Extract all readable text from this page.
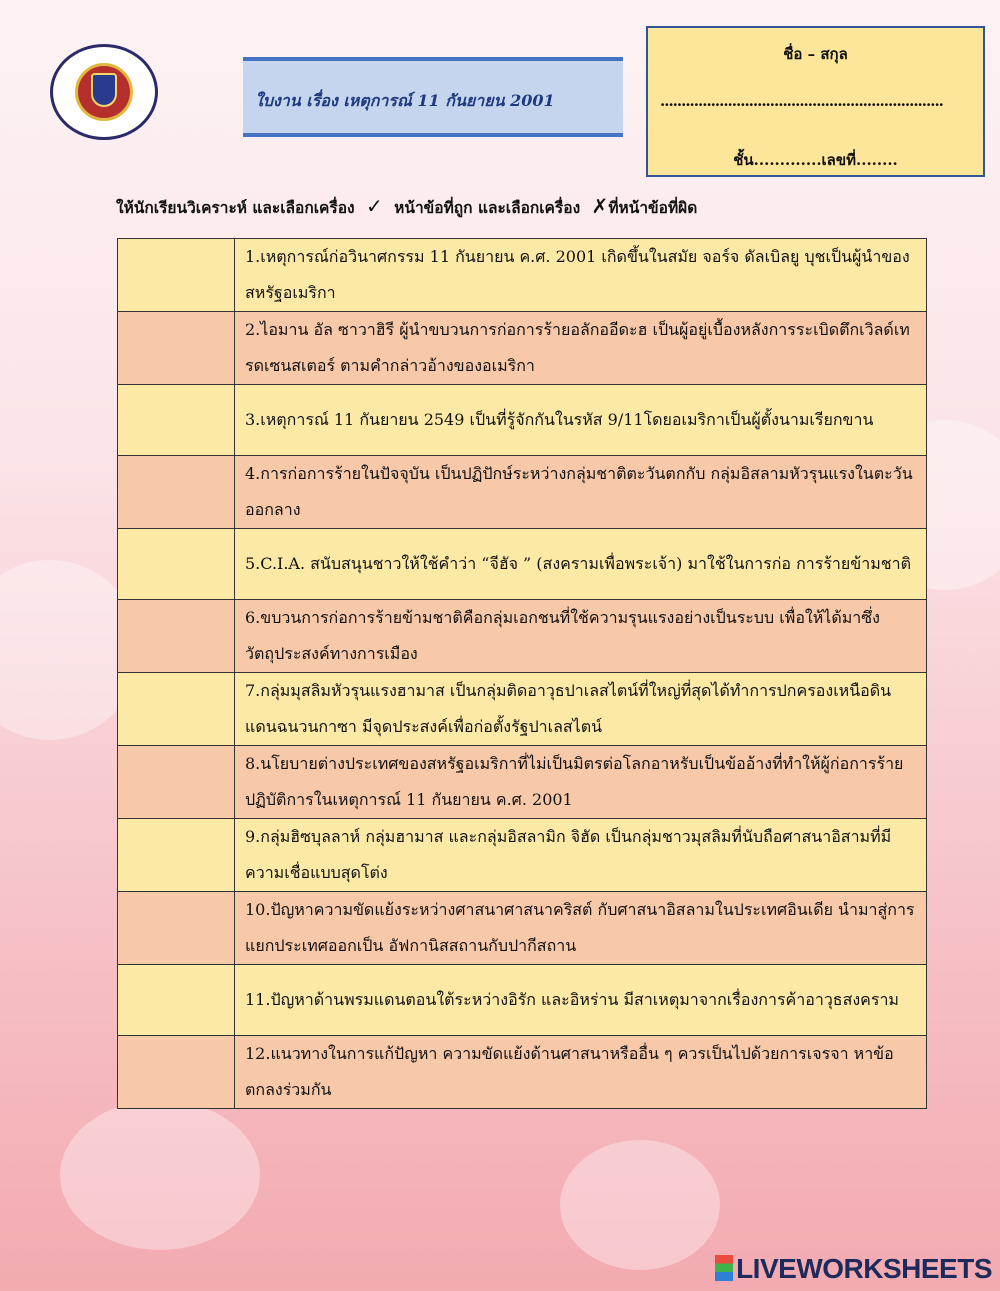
ใบงาน เรื่อง เหตุการณ์ 11 กันยายน 2001
ชื่อ – สกุล
...................................................................
ชั้น.............เลขที่........
ให้นักเรียนวิเคราะห์ และเลือกเครื่อง ✓ หน้าข้อที่ถูก และเลือกเครื่อง ✗ที่หน้าข้อที่ผิด
	1.เหตุการณ์ก่อวินาศกรรม 11 กันยายน ค.ศ. 2001 เกิดขึ้นในสมัย จอร์จ ดัลเบิลยู บุชเป็นผู้นำของสหรัฐอเมริกา
	2.ไอมาน อัล ซาวาฮิรี ผู้นำขบวนการก่อการร้ายอลักออีดะฮ เป็นผู้อยู่เบื้องหลังการระเบิดตึกเวิลด์เทรดเซนสเตอร์ ตามคำกล่าวอ้างของอเมริกา
	3.เหตุการณ์ 11 กันยายน 2549 เป็นที่รู้จักกันในรหัส 9/11โดยอเมริกาเป็นผู้ตั้งนามเรียกขาน
	4.การก่อการร้ายในปัจจุบัน เป็นปฏิปักษ์ระหว่างกลุ่มชาติตะวันตกกับ กลุ่มอิสลามหัวรุนแรงในตะวันออกลาง
	5.C.I.A. สนับสนุนชาวให้ใช้คำว่า “จีฮัจ ” (สงครามเพื่อพระเจ้า) มาใช้ในการก่อ การร้ายข้ามชาติ
	6.ขบวนการก่อการร้ายข้ามชาติคือกลุ่มเอกชนที่ใช้ความรุนแรงอย่างเป็นระบบ เพื่อให้ได้มาซึ่งวัตถุประสงค์ทางการเมือง
	7.กลุ่มมุสลิมหัวรุนแรงฮามาส เป็นกลุ่มติดอาวุธปาเลสไตน์ที่ใหญ่ที่สุดได้ทำการปกครองเหนือดินแดนฉนวนกาซา มีจุดประสงค์เพื่อก่อตั้งรัฐปาเลสไตน์
	8.นโยบายต่างประเทศของสหรัฐอเมริกาที่ไม่เป็นมิตรต่อโลกอาหรับเป็นข้ออ้างที่ทำให้ผู้ก่อการร้ายปฏิบัติการในเหตุการณ์ 11 กันยายน ค.ศ. 2001
	9.กลุ่มฮิซบุลลาห์ กลุ่มฮามาส และกลุ่มอิสลามิก จิฮัด เป็นกลุ่มชาวมุสลิมที่นับถือศาสนาอิสามที่มีความเชื่อแบบสุดโต่ง
	10.ปัญหาความขัดแย้งระหว่างศาสนาศาสนาคริสต์ กับศาสนาอิสลามในประเทศอินเดีย นำมาสู่การแยกประเทศออกเป็น อัฟกานิสสถานกับปากีสถาน
	11.ปัญหาด้านพรมแดนตอนใต้ระหว่างอิรัก และอิหร่าน มีสาเหตุมาจากเรื่องการค้าอาวุธสงคราม
	12.แนวทางในการแก้ปัญหา ความขัดแย้งด้านศาสนาหรืออื่น ๆ ควรเป็นไปด้วยการเจรจา หาข้อตกลงร่วมกัน
LIVEWORKSHEETS
